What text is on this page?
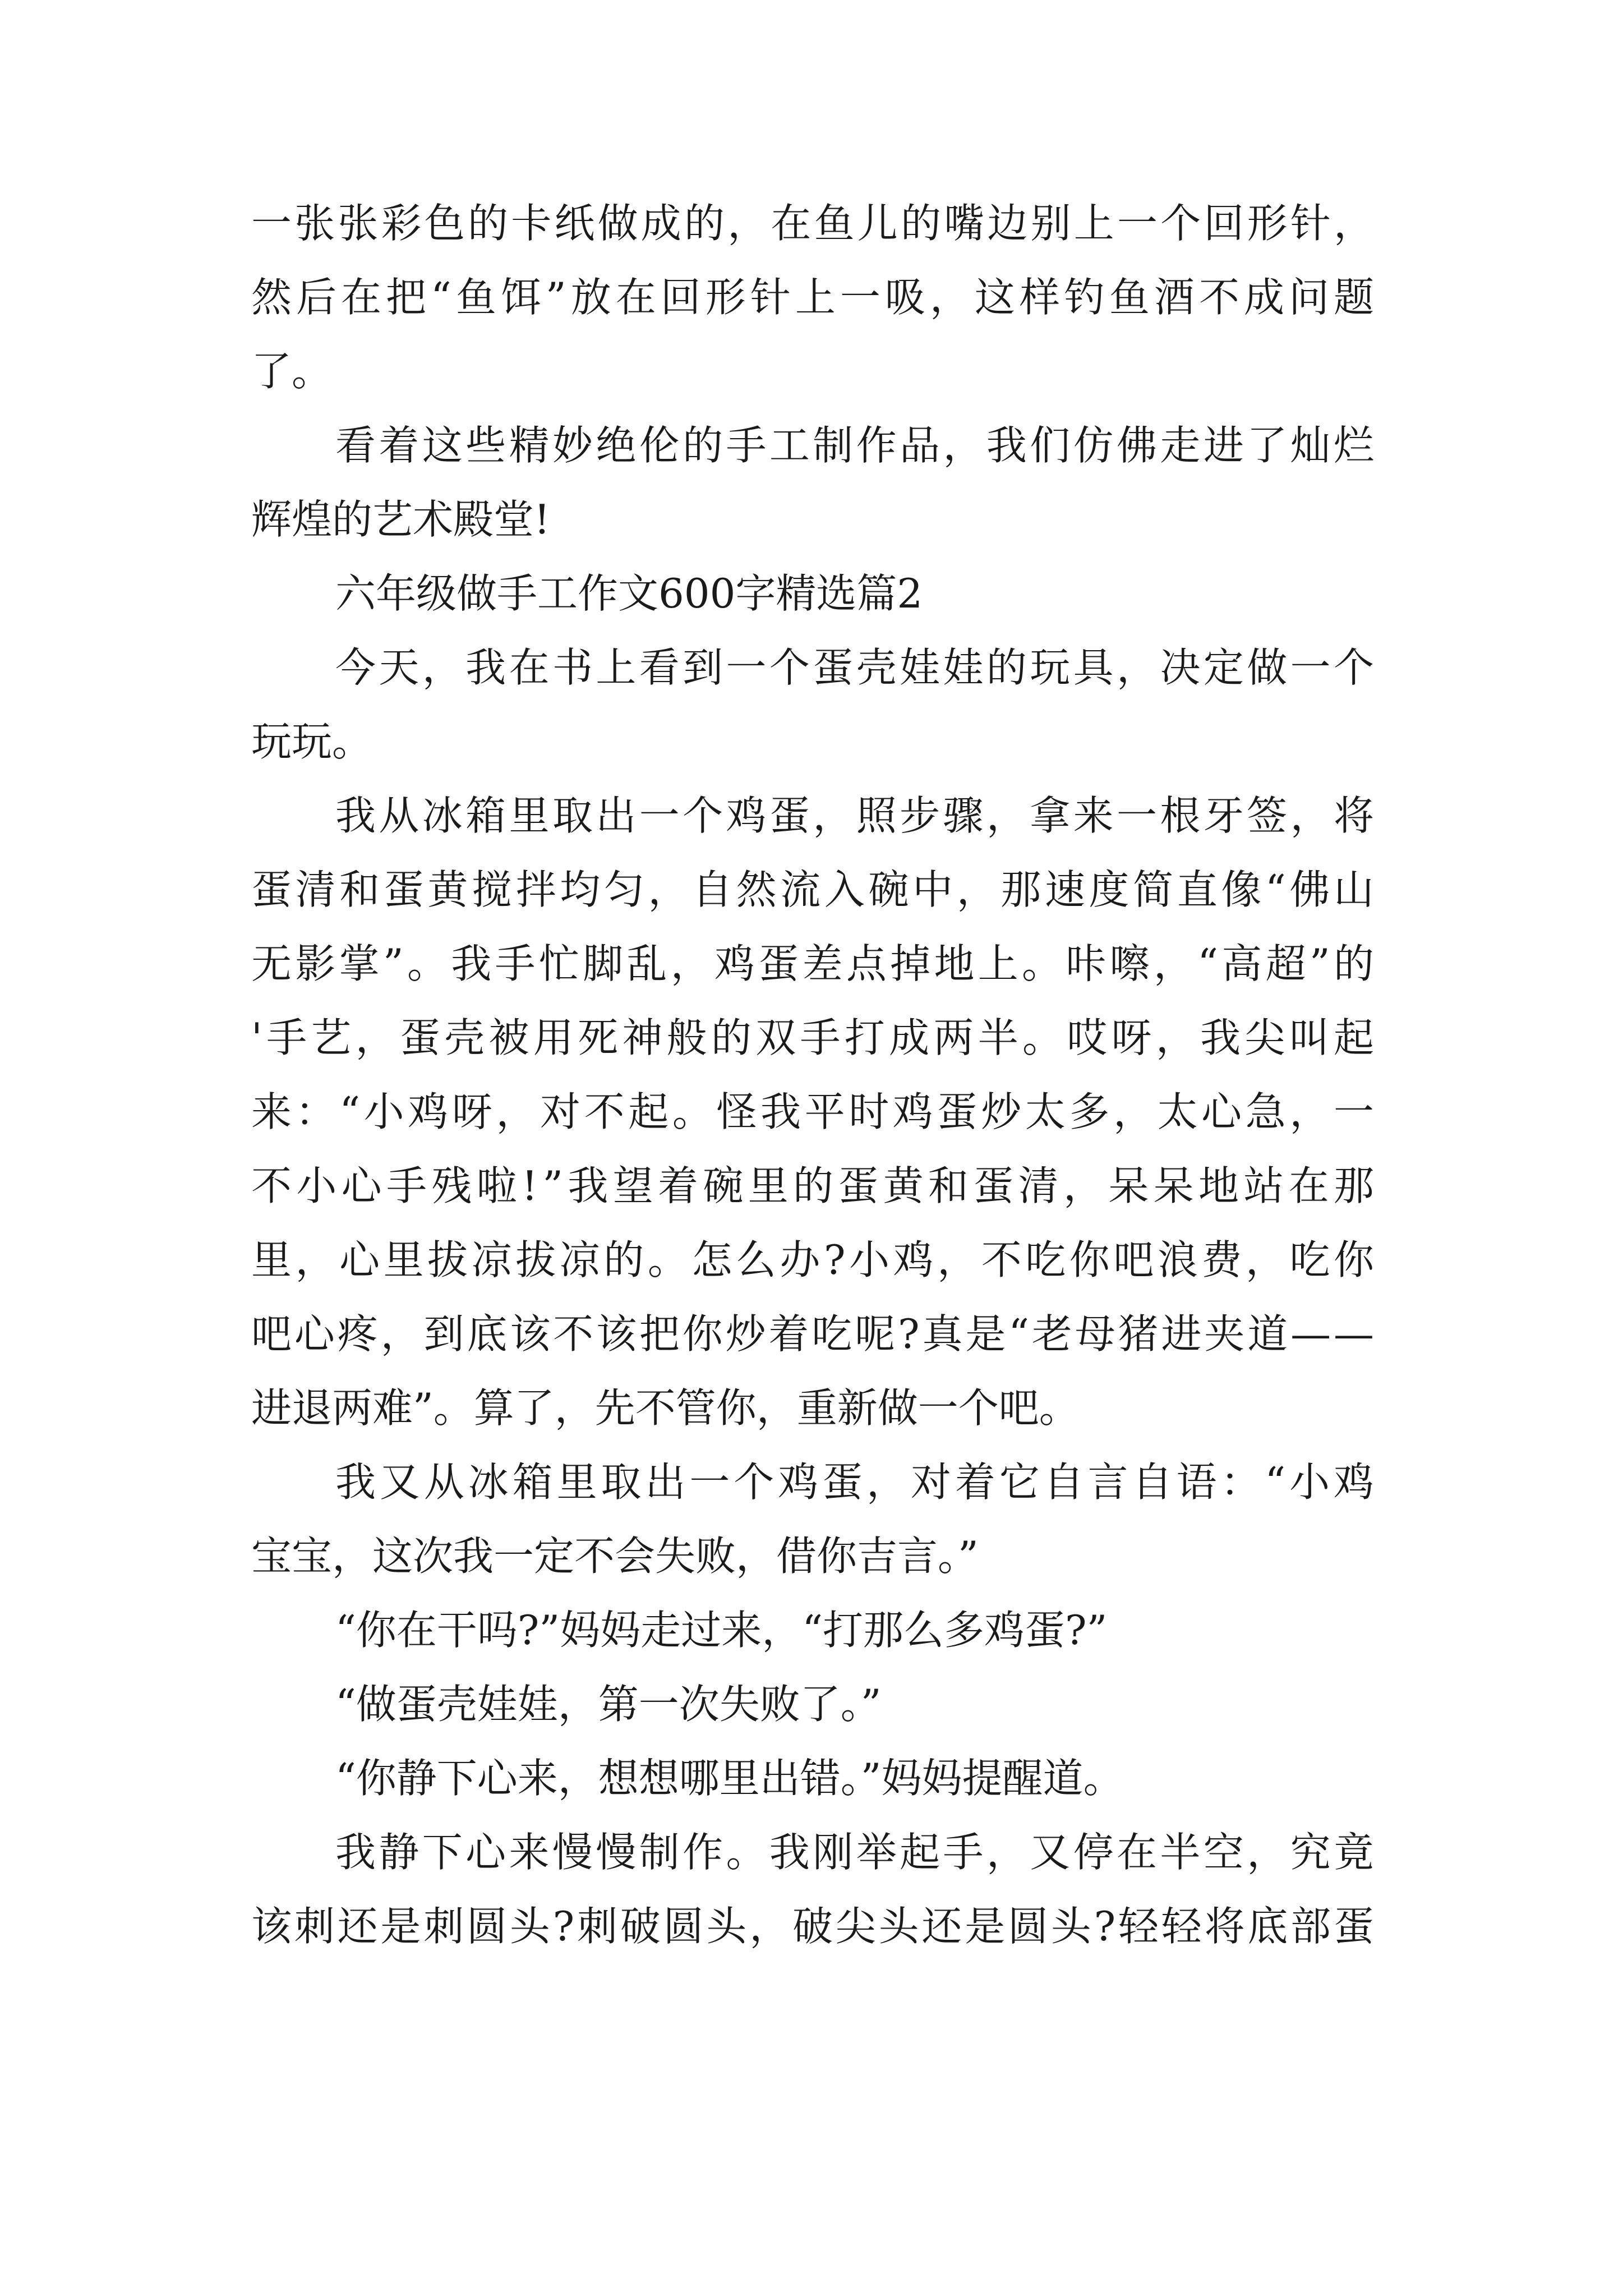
一张张彩色的卡纸做成的，在鱼儿的嘴边别上一个回形针，
然后在把“鱼饵”放在回形针上一吸，这样钓鱼酒不成问题
了。
看着这些精妙绝伦的手工制作品，我们仿佛走进了灿烂
辉煌的艺术殿堂!
六年级做手工作文600字精选篇2
今天，我在书上看到一个蛋壳娃娃的玩具，决定做一个
玩玩。
我从冰箱里取出一个鸡蛋，照步骤，拿来一根牙签，将
蛋清和蛋黄搅拌均匀，自然流入碗中，那速度简直像“佛山
无影掌”。我手忙脚乱，鸡蛋差点掉地上。咔嚓，“高超”的
'手艺，蛋壳被用死神般的双手打成两半。哎呀，我尖叫起
来：“小鸡呀，对不起。怪我平时鸡蛋炒太多，太心急，一
不小心手残啦!”我望着碗里的蛋黄和蛋清，呆呆地站在那
里，心里拔凉拔凉的。怎么办?小鸡，不吃你吧浪费，吃你
吧心疼，到底该不该把你炒着吃呢?真是“老母猪进夹道——
进退两难”。算了，先不管你，重新做一个吧。
我又从冰箱里取出一个鸡蛋，对着它自言自语：“小鸡
宝宝，这次我一定不会失败，借你吉言。”
“你在干吗?”妈妈走过来，“打那么多鸡蛋?”
“做蛋壳娃娃，第一次失败了。”
“你静下心来，想想哪里出错。”妈妈提醒道。
我静下心来慢慢制作。我刚举起手，又停在半空，究竟
该刺还是刺圆头?刺破圆头，破尖头还是圆头?轻轻将底部蛋
